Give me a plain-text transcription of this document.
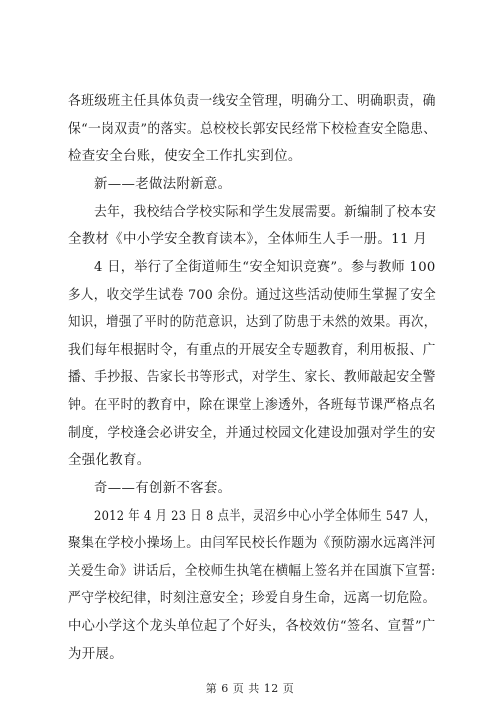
各班级班主任具体负责一线安全管理，明确分工、明确职责，确
保“一岗双责”的落实。总校校长郭安民经常下校检查安全隐患、
检查安全台账，使安全工作扎实到位。
新——老做法附新意。
去年，我校结合学校实际和学生发展需要。新编制了校本安
全教材《中小学安全教育读本》，全体师生人手一册。11 月
4 日，举行了全街道师生“安全知识竞赛”。参与教师 100
多人，收交学生试卷 700 余份。通过这些活动使师生掌握了安全
知识，增强了平时的防范意识，达到了防患于未然的效果。再次，
我们每年根据时令，有重点的开展安全专题教育，利用板报、广
播、手抄报、告家长书等形式，对学生、家长、教师敲起安全警
钟。在平时的教育中，除在课堂上渗透外，各班每节课严格点名
制度，学校逢会必讲安全，并通过校园文化建设加强对学生的安
全强化教育。
奇——有创新不客套。
2012 年 4 月 23 日 8 点半，灵沼乡中心小学全体师生 547 人，
聚集在学校小操场上。由闫军民校长作题为《预防溺水远离泮河
关爱生命》讲话后，全校师生执笔在横幅上签名并在国旗下宣誓:
严守学校纪律，时刻注意安全；珍爱自身生命，远离一切危险。
中心小学这个龙头单位起了个好头，各校效仿“签名、宣誓”广
为开展。
第 6 页 共 12 页
